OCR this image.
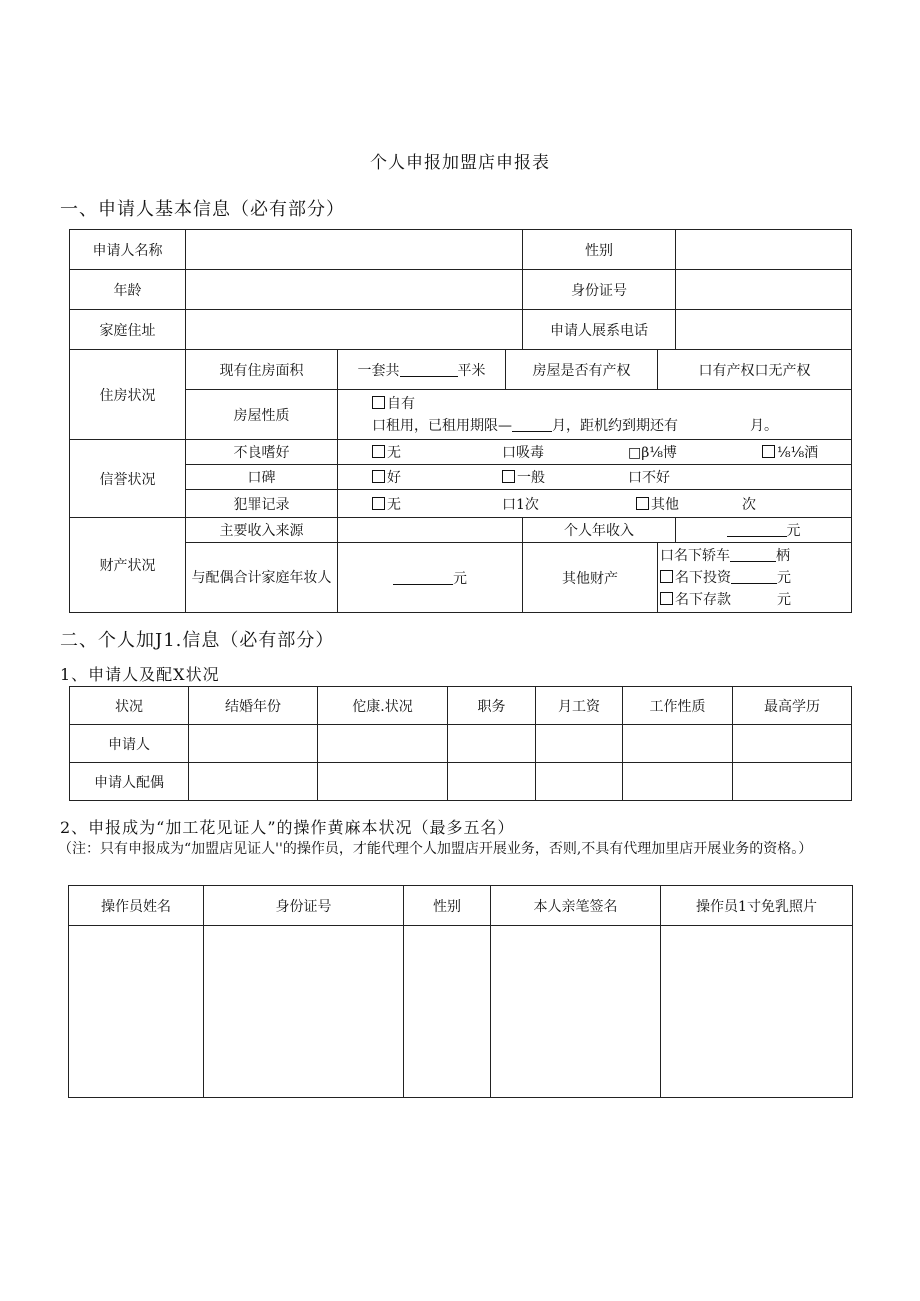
个人申报加盟店申报表
一、申请人基本信息（必有部分）
申请人名称				性别		
年龄				身份证号		
家庭住址				申请人展系电话		
住房状况	现有住房面积	一套共 平米	房屋是否有产权		口有产权口无产权	
	房屋性质	自有
口租用，已租用期限— 月，距机约到期还有 月。				

信誉状况	不良嗜好	无 口吸毒 □β⅛博 ⅛⅛酒				
	口碑	好 一般 口不好				
	犯罪记录	无 口1次 其他 次				
财产状况	主要收入来源			个人年收入		元
	与配偶合计家庭年妆人	元		其他财产	口名下轿车 柄
名下投资 元
名下存款 元	
二、个人加J1.信息（必有部分）
1、申请人及配X状况
状况	结婚年份	佗康.状况	职务	月工资	工作性质	最高学历
申请人						
申请人配偶						
2、申报成为“加工花见证人”的操作黄麻本状况（最多五名）
（注：只有申报成为“加盟店见证人''的操作员，才能代理个人加盟店开展业务，否则,不具有代理加里店开展业务的资格。）
操作员姓名	身份证号	性别	本人亲笔签名	操作员1寸免乳照片
